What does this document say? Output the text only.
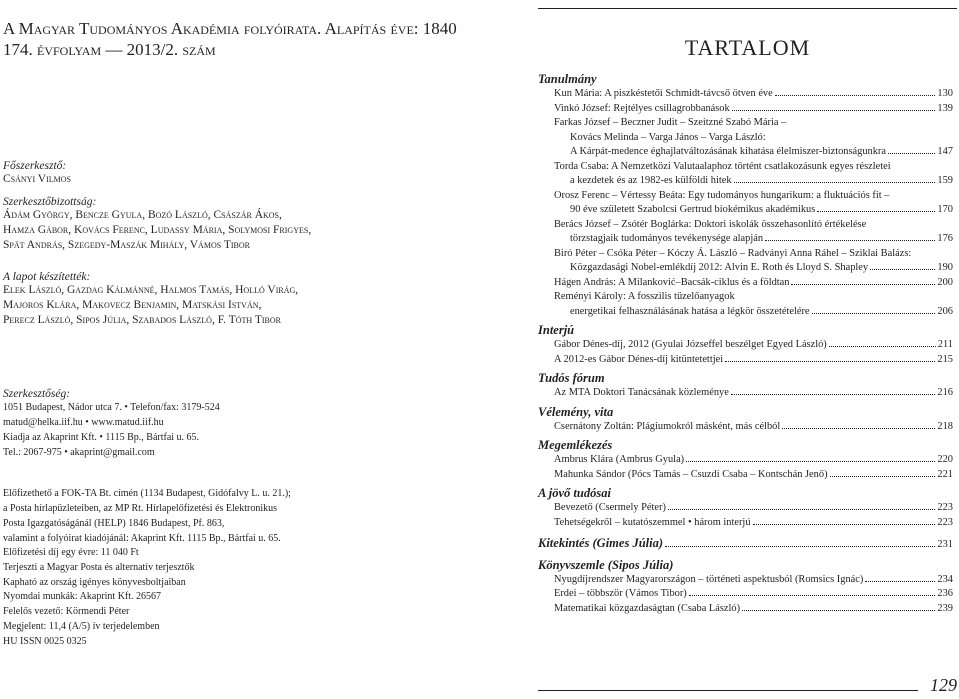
A Magyar Tudományos Akadémia folyóirata. Alapítás éve: 1840
174. évfolyam — 2013/2. szám

Főszerkesztő:

Csányi Vilmos

Szerkesztőbizottság:

Ádám György, Bencze Gyula, Bozó László, Császár Ákos,

Hamza Gábor, Kovács Ferenc, Ludassy Mária, Solymosi Frigyes,

Spät András, Szegedy-Maszák Mihály, Vámos Tibor

A lapot készítették:

Elek László, Gazdag Kálmánné, Halmos Tamás, Holló Virág,

Majoros Klára, Makovecz Benjamin, Matskási István,

Perecz László, Sipos Júlia, Szabados László, F. Tóth Tibor

Szerkesztőség:

1051 Budapest, Nádor utca 7. • Telefon/fax: 3179-524

matud@helka.iif.hu • www.matud.iif.hu

Kiadja az Akaprint Kft. • 1115 Bp., Bártfai u. 65.

Tel.: 2067-975 • akaprint@gmail.com

Előfizethető a FOK-TA Bt. címén (1134 Budapest, Gidófalvy L. u. 21.);

a Posta hírlapüzleteiben, az MP Rt. Hírlapelőfizetési és Elektronikus

Posta Igazgatóságánál (HELP) 1846 Budapest, Pf. 863,

valamint a folyóirat kiadójánál: Akaprint Kft. 1115 Bp., Bártfai u. 65.

Előfizetési díj egy évre: 11 040 Ft

Terjeszti a Magyar Posta és alternatív terjesztők

Kapható az ország igényes könyvesboltjaiban

Nyomdai munkák: Akaprint Kft. 26567

Felelős vezető: Körmendi Péter

Megjelent: 11,4 (A/5) ív terjedelemben

HU ISSN 0025 0325

TARTALOM

Tanulmány

Kun Mária: A piszkéstetői Schmidt-távcső ötven éve	130
Vinkó József: Rejtélyes csillagrobbanások	139
Farkas József – Beczner Judit – Szeitzné Szabó Mária –
Kovács Melinda – Varga János – Varga László:
A Kárpát-medence éghajlatváltozásának kihatása élelmiszer-biztonságunkra	147
Torda Csaba: A Nemzetközi Valutaalaphoz történt csatlakozásunk egyes részletei
a kezdetek és az 1982-es külföldi hitek	159
Orosz Ferenc – Vértessy Beáta: Egy tudományos hungarikum: a fluktuációs fit –
90 éve született Szabolcsi Gertrud biokémikus akadémikus	170
Berács József – Zsótér Boglárka: Doktori iskolák összehasonlító értékelése
törzstagjaik tudományos tevékenysége alapján	176
Biró Péter – Csóka Péter – Kóczy Á. László – Radványi Anna Ráhel – Sziklai Balázs:
Közgazdasági Nobel-emlékdíj 2012: Alvin E. Roth és Lloyd S. Shapley	190
Hágen András: A Milanković–Bacsák-ciklus és a földtan	200
Reményi Károly: A fosszilis tüzelőanyagok
energetikai felhasználásának hatása a légkör összetételére	206

Interjú

Gábor Dénes-díj, 2012 (Gyulai Józseffel beszélget Egyed László)	211
A 2012-es Gábor Dénes-díj kitüntetettjei	215

Tudós fórum

Az MTA Doktori Tanácsának közleménye	216

Vélemény, vita

Csernátony Zoltán: Plágiumokról másként, más célból	218

Megemlékezés

Ambrus Klára (Ambrus Gyula)	220
Mahunka Sándor (Pócs Tamás – Csuzdi Csaba – Kontschán Jenő)	221

A jövő tudósai

Bevezető (Csermely Péter)	223
Tehetségekről – kutatószemmel • három interjú	223
Kitekintés (Gimes Júlia)	231

Könyvszemle (Sipos Júlia)

Nyugdíjrendszer Magyarországon – történeti aspektusból (Romsics Ignác)	234
Erdei – többször (Vámos Tibor)	236
Matematikai közgazdaságtan (Csaba László)	239
129
